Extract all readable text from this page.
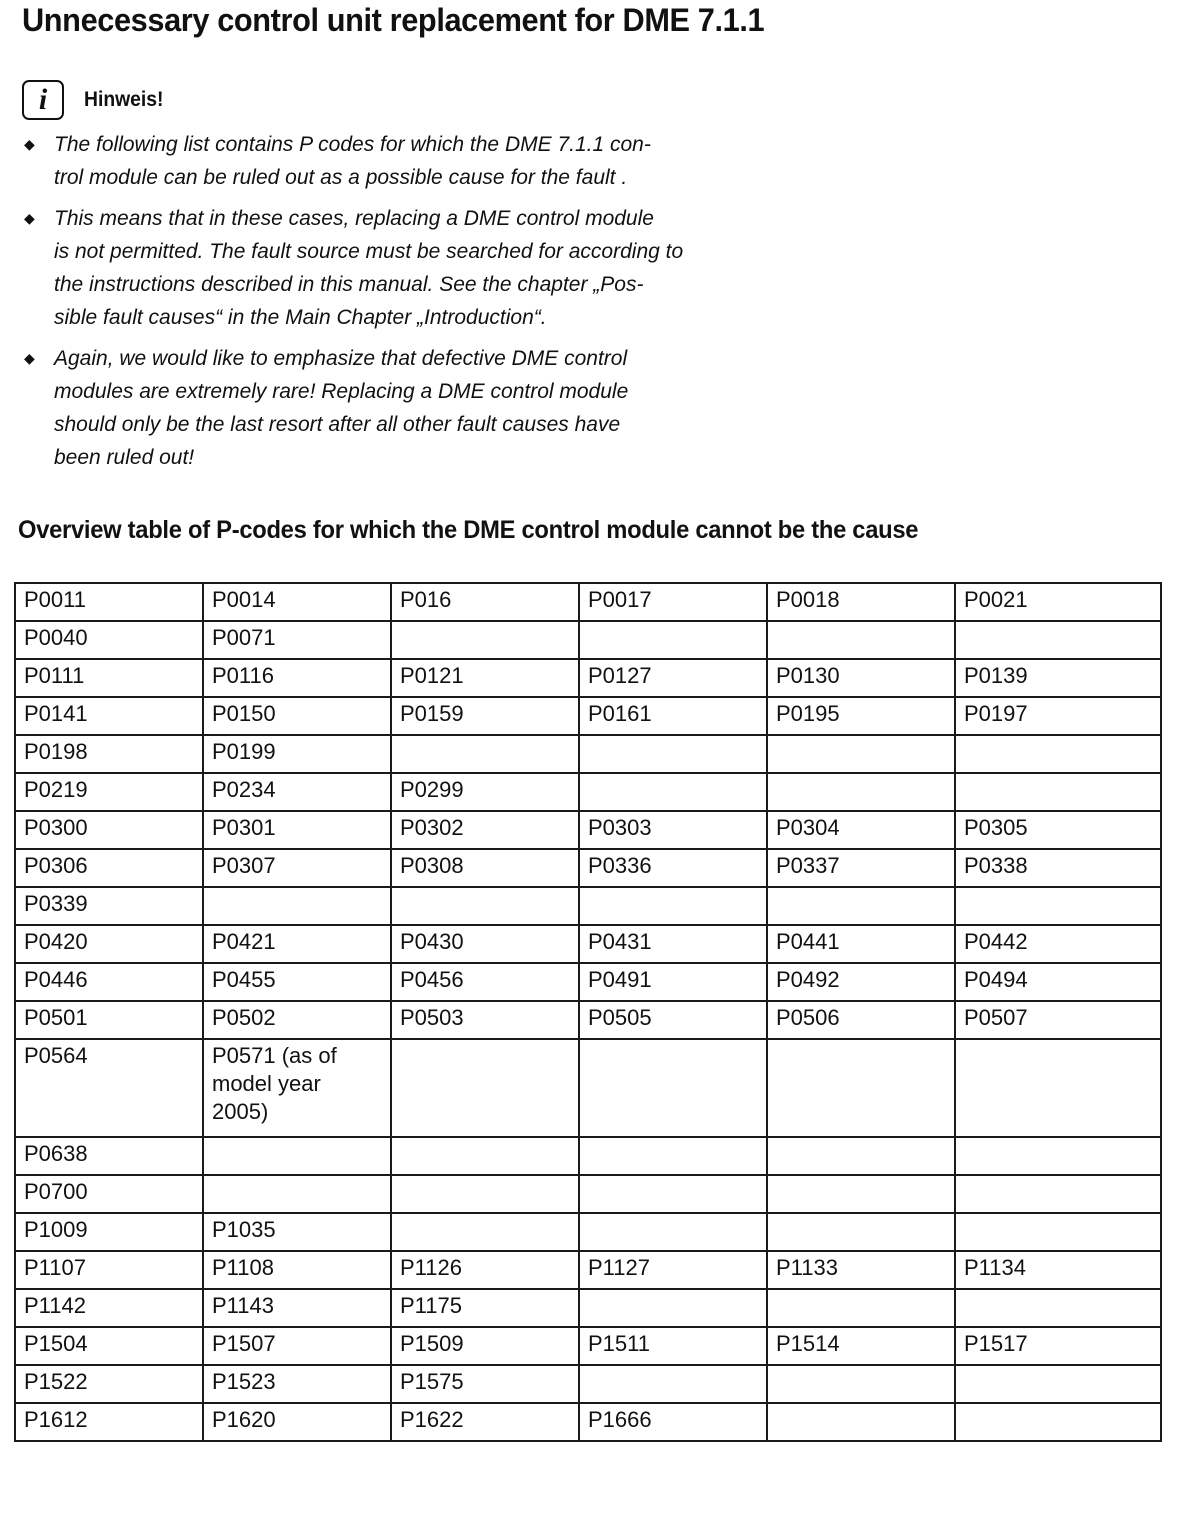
Unnecessary control unit replacement for DME 7.1.1
i	Hinweis!
◆ The following list contains P codes for which the DME 7.1.1 con-
trol module can be ruled out as a possible cause for the fault .
◆ This means that in these cases, replacing a DME control module
is not permitted. The fault source must be searched for according to
the instructions described in this manual. See the chapter „Pos-
sible fault causes“ in the Main Chapter „Introduction“.
◆ Again, we would like to emphasize that defective DME control
modules are extremely rare! Replacing a DME control module
should only be the last resort after all other fault causes have
been ruled out!
Overview table of P-codes for which the DME control module cannot be the cause
P0011	P0014	P016	P0017	P0018	P0021
P0040	P0071				
P0111	P0116	P0121	P0127	P0130	P0139
P0141	P0150	P0159	P0161	P0195	P0197
P0198	P0199				
P0219	P0234	P0299			
P0300	P0301	P0302	P0303	P0304	P0305
P0306	P0307	P0308	P0336	P0337	P0338
P0339					
P0420	P0421	P0430	P0431	P0441	P0442
P0446	P0455	P0456	P0491	P0492	P0494
P0501	P0502	P0503	P0505	P0506	P0507
P0564	P0571 (as of model year 2005)				
P0638					
P0700					
P1009	P1035				
P1107	P1108	P1126	P1127	P1133	P1134
P1142	P1143	P1175			
P1504	P1507	P1509	P1511	P1514	P1517
P1522	P1523	P1575			
P1612	P1620	P1622	P1666		
